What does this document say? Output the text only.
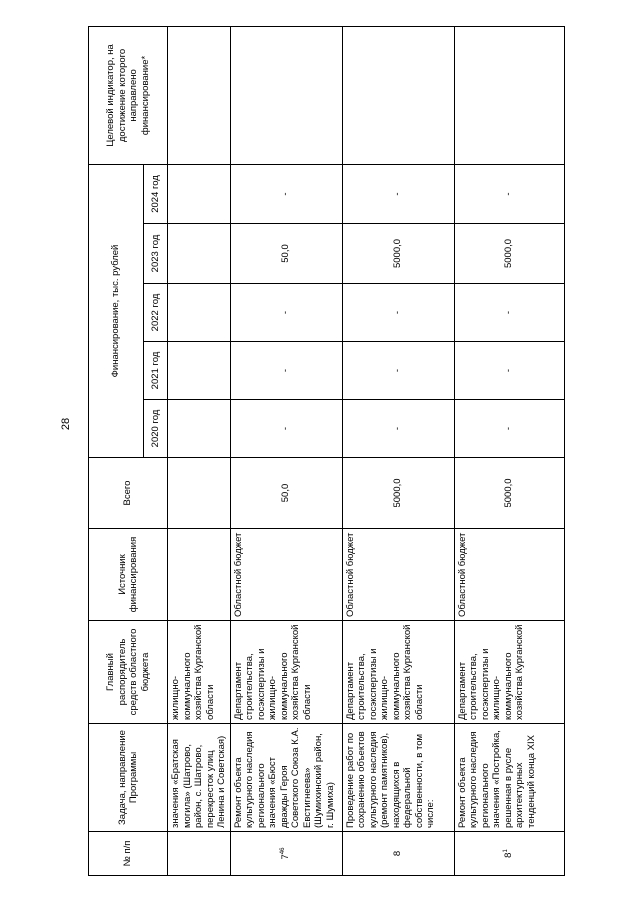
28
№ п/п	Задача, направление Программы	Главный распорядитель средств областного бюджета	Источник финансирования	Всего	Финансирование, тыс. рублей					Целевой индикатор, на достижение которого направлено финансирование*
					2020 год	2021 год	2022 год	2023 год	2024 год	
	значения «Братская могила» (Шатрово, район, с. Шатрово, перекресток улиц Ленина и Советская)	жилищно-коммунального хозяйства Курганской области								
$7^{46}$	Ремонт объекта культурного наследия регионального значения «Бюст дважды Героя Советского Союза К.А. Евстигнеева» (Шумихинский район, г. Шумиха)	Департамент строительства, госэкспертизы и жилищно-коммунального хозяйства Курганской области	Областной бюджет	50,0	-	-	-	50,0	-	
8	Проведение работ по сохранению объектов культурного наследия (ремонт памятников), находящихся в федеральной собственности, в том числе:	Департамент строительства, госэкспертизы и жилищно-коммунального хозяйства Курганской области	Областной бюджет	5000,0	-	-	-	5000,0	-	
$8^1$	Ремонт объекта культурного наследия регионального значения «Постройка, решенная в русле архитектурных тенденций конца XIX	Департамент строительства, госэкспертизы и жилищно-коммунального хозяйства Курганской	Областной бюджет	5000,0	-	-	-	5000,0	-	
